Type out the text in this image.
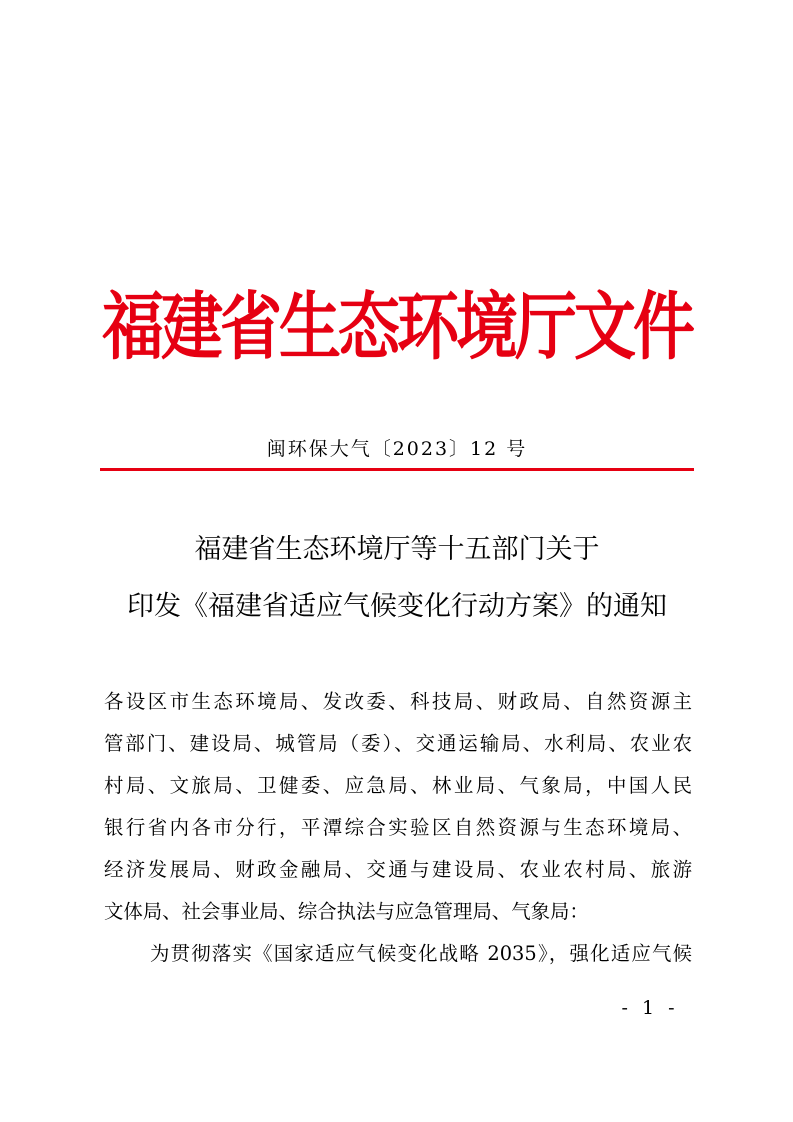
福建省生态环境厅文件
闽环保大气〔2023〕12 号
福建省生态环境厅等十五部门关于
印发《福建省适应气候变化行动方案》的通知
各设区市生态环境局、发改委、科技局、财政局、自然资源主
管部门、建设局、城管局（委）、交通运输局、水利局、农业农
村局、文旅局、卫健委、应急局、林业局、气象局，中国人民
银行省内各市分行，平潭综合实验区自然资源与生态环境局、
经济发展局、财政金融局、交通与建设局、农业农村局、旅游
文体局、社会事业局、综合执法与应急管理局、气象局：
为贯彻落实《国家适应气候变化战略 2035》，强化适应气候
- 1 -
